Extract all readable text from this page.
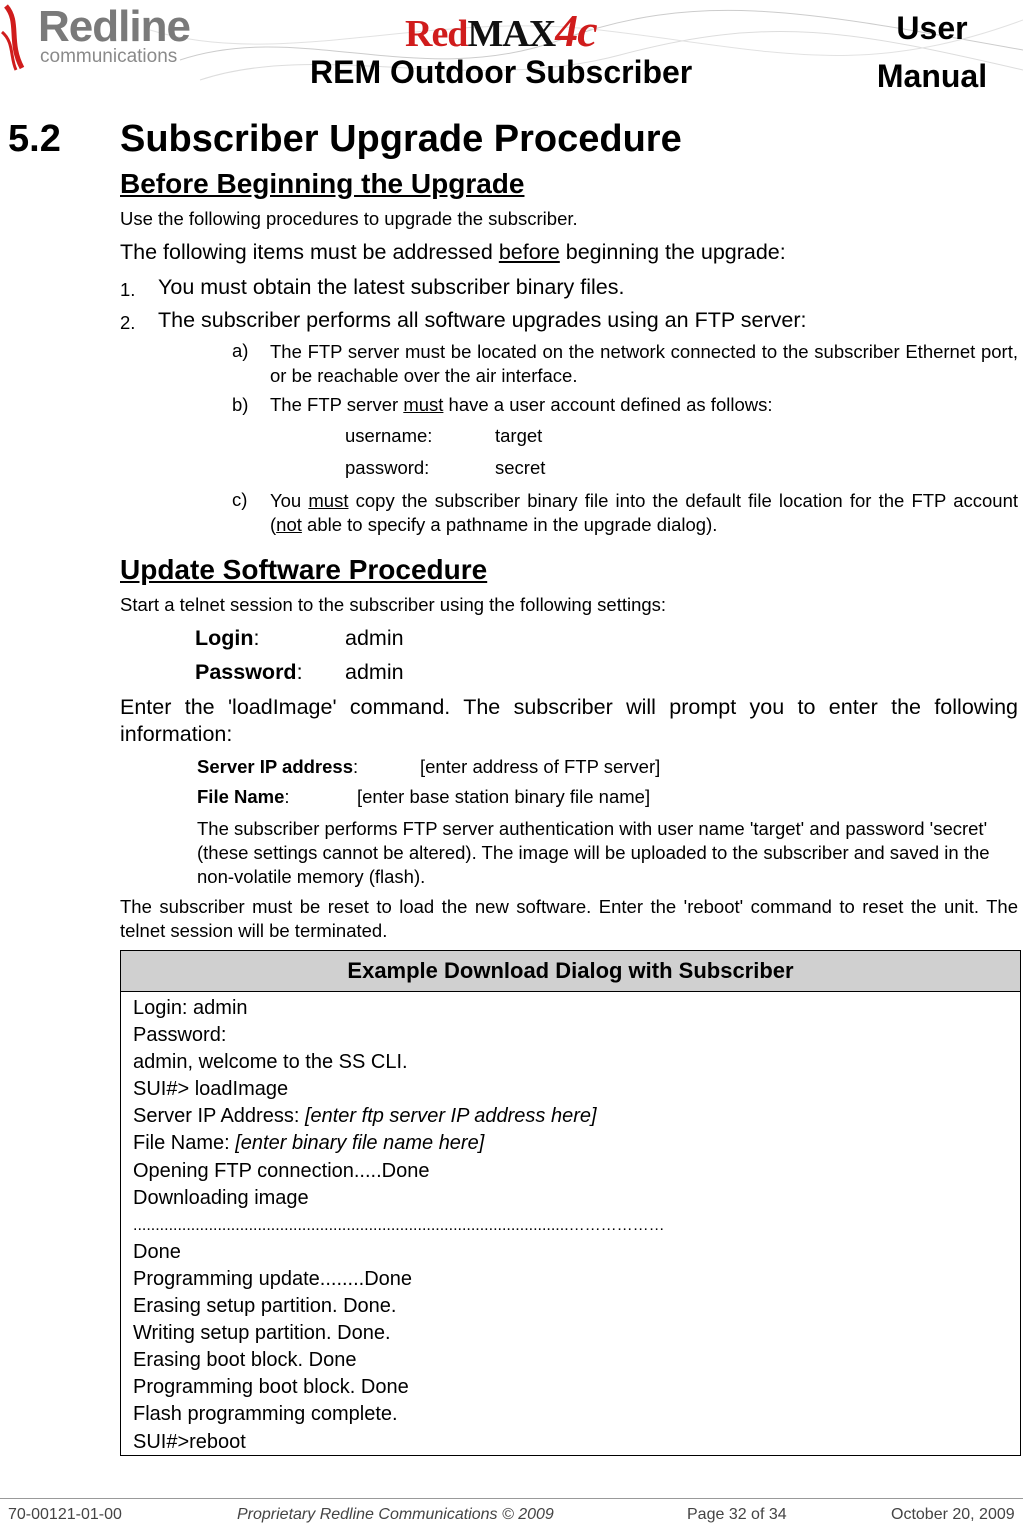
Redline
communications
RedMAX4c
REM Outdoor Subscriber
User
Manual
5.2 Subscriber Upgrade Procedure
Before Beginning the Upgrade

Use the following procedures to upgrade the subscriber.

The following items must be addressed before beginning the upgrade:

1. You must obtain the latest subscriber binary files.

2. The subscriber performs all software upgrades using an FTP server:

a) The FTP server must be located on the network connected to the subscriber Ethernet port, or be reachable over the air interface.

b) The FTP server must have a user account defined as follows:

username:	target

password:	secret

c) You must copy the subscriber binary file into the default file location for the FTP account (not able to specify a pathname in the upgrade dialog).

Update Software Procedure

Start a telnet session to the subscriber using the following settings:

Login:	admin

Password: admin

Enter the 'loadImage' command. The subscriber will prompt you to enter the following information:

Server IP address:	[enter address of FTP server]

File Name:	[enter base station binary file name]

The subscriber performs FTP server authentication with user name 'target' and password 'secret' (these settings cannot be altered). The image will be uploaded to the subscriber and saved in the non-volatile memory (flash).

The subscriber must be reset to load the new software. Enter the 'reboot' command to reset the unit. The telnet session will be terminated.

Example Download Dialog with Subscriber
Login: admin
Password:
admin, welcome to the SS CLI.
SUI#> loadImage
Server IP Address: [enter ftp server IP address here]
File Name: [enter binary file name here]
Opening FTP connection.....Done
Downloading image
..................................................................................................………………
Done
Programming update........Done
Erasing setup partition. Done.
Writing setup partition. Done.
Erasing boot block. Done
Programming boot block. Done
Flash programming complete.
SUI#>reboot
70-00121-01-00	Proprietary Redline Communications © 2009	Page 32 of 34	October 20, 2009
